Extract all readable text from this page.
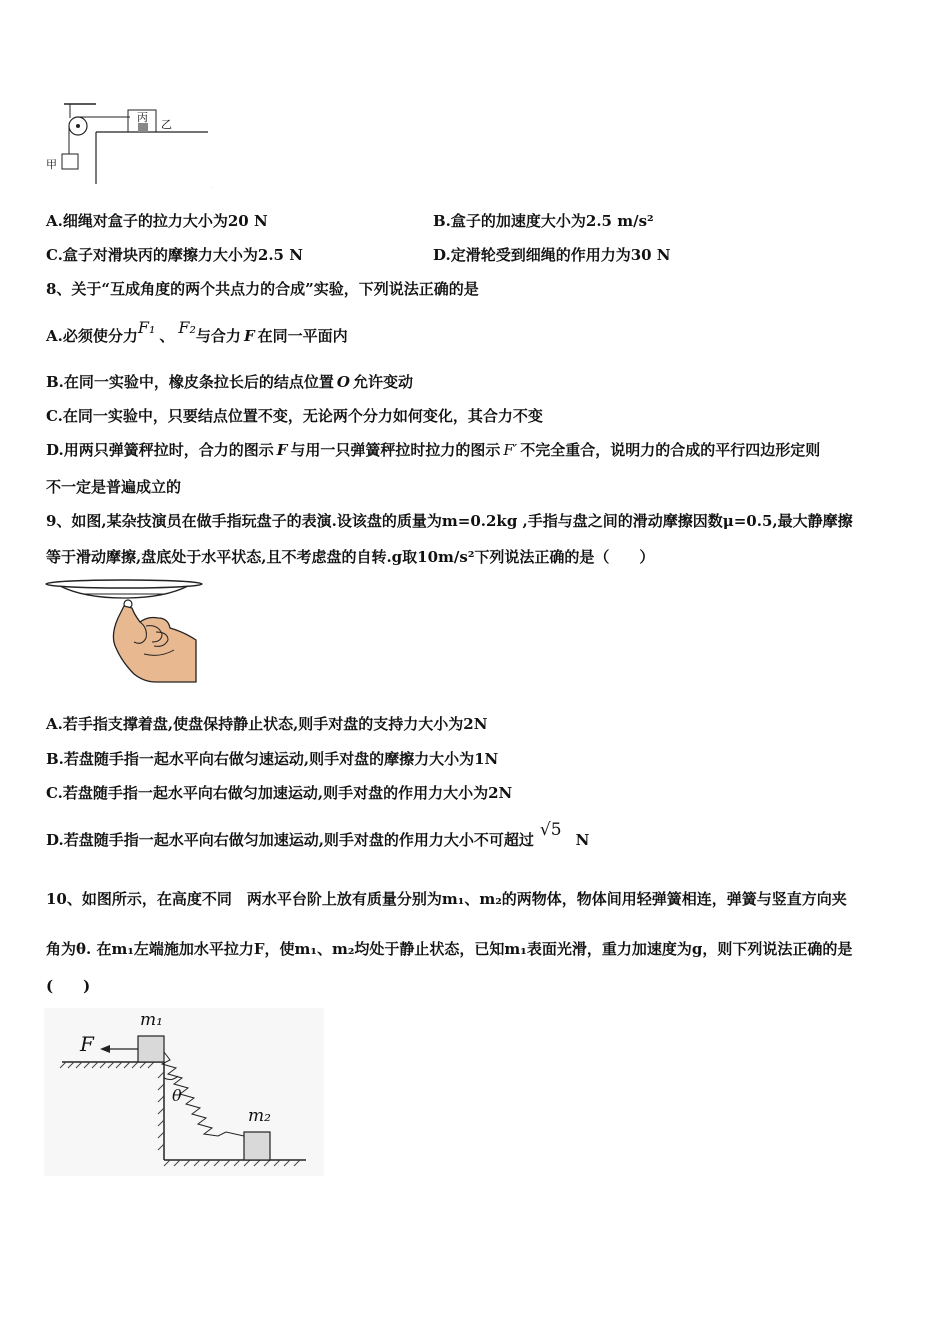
.
甲
丙
乙
A.细绳对盒子的拉力大小为20 N	B.盒子的加速度大小为2.5 m/s²
C.盒子对滑块丙的摩擦力大小为2.5 N	D.定滑轮受到细绳的作用力为30 N
8、关于“互成角度的两个共点力的合成”实验，下列说法正确的是
A.必须使分力F₁ 、 F₂与合力 F 在同一平面内
B.在同一实验中，橡皮条拉长后的结点位置 O 允许变动
C.在同一实验中，只要结点位置不变，无论两个分力如何变化，其合力不变
D.用两只弹簧秤拉时，合力的图示 F 与用一只弹簧秤拉时拉力的图示 F′ 不完全重合，说明力的合成的平行四边形定则
不一定是普遍成立的
9、如图,某杂技演员在做手指玩盘子的表演.设该盘的质量为m=0.2kg ,手指与盘之间的滑动摩擦因数μ=0.5,最大静摩擦
等于滑动摩擦,盘底处于水平状态,且不考虑盘的自转.g取10m/s²下列说法正确的是（　　）
A.若手指支撑着盘,使盘保持静止状态,则手对盘的支持力大小为2N
B.若盘随手指一起水平向右做匀速运动,则手对盘的摩擦力大小为1N
C.若盘随手指一起水平向右做匀加速运动,则手对盘的作用力大小为2N
D.若盘随手指一起水平向右做匀加速运动,则手对盘的作用力大小不可超过 √5 N
10、如图所示，在高度不同　两水平台阶上放有质量分别为m₁、m₂的两物体，物体间用轻弹簧相连，弹簧与竖直方向夹
角为θ. 在m₁左端施加水平拉力F，使m₁、m₂均处于静止状态，已知m₁表面光滑，重力加速度为g，则下列说法正确的是
(　　)
F
m₁
θ
m₂
